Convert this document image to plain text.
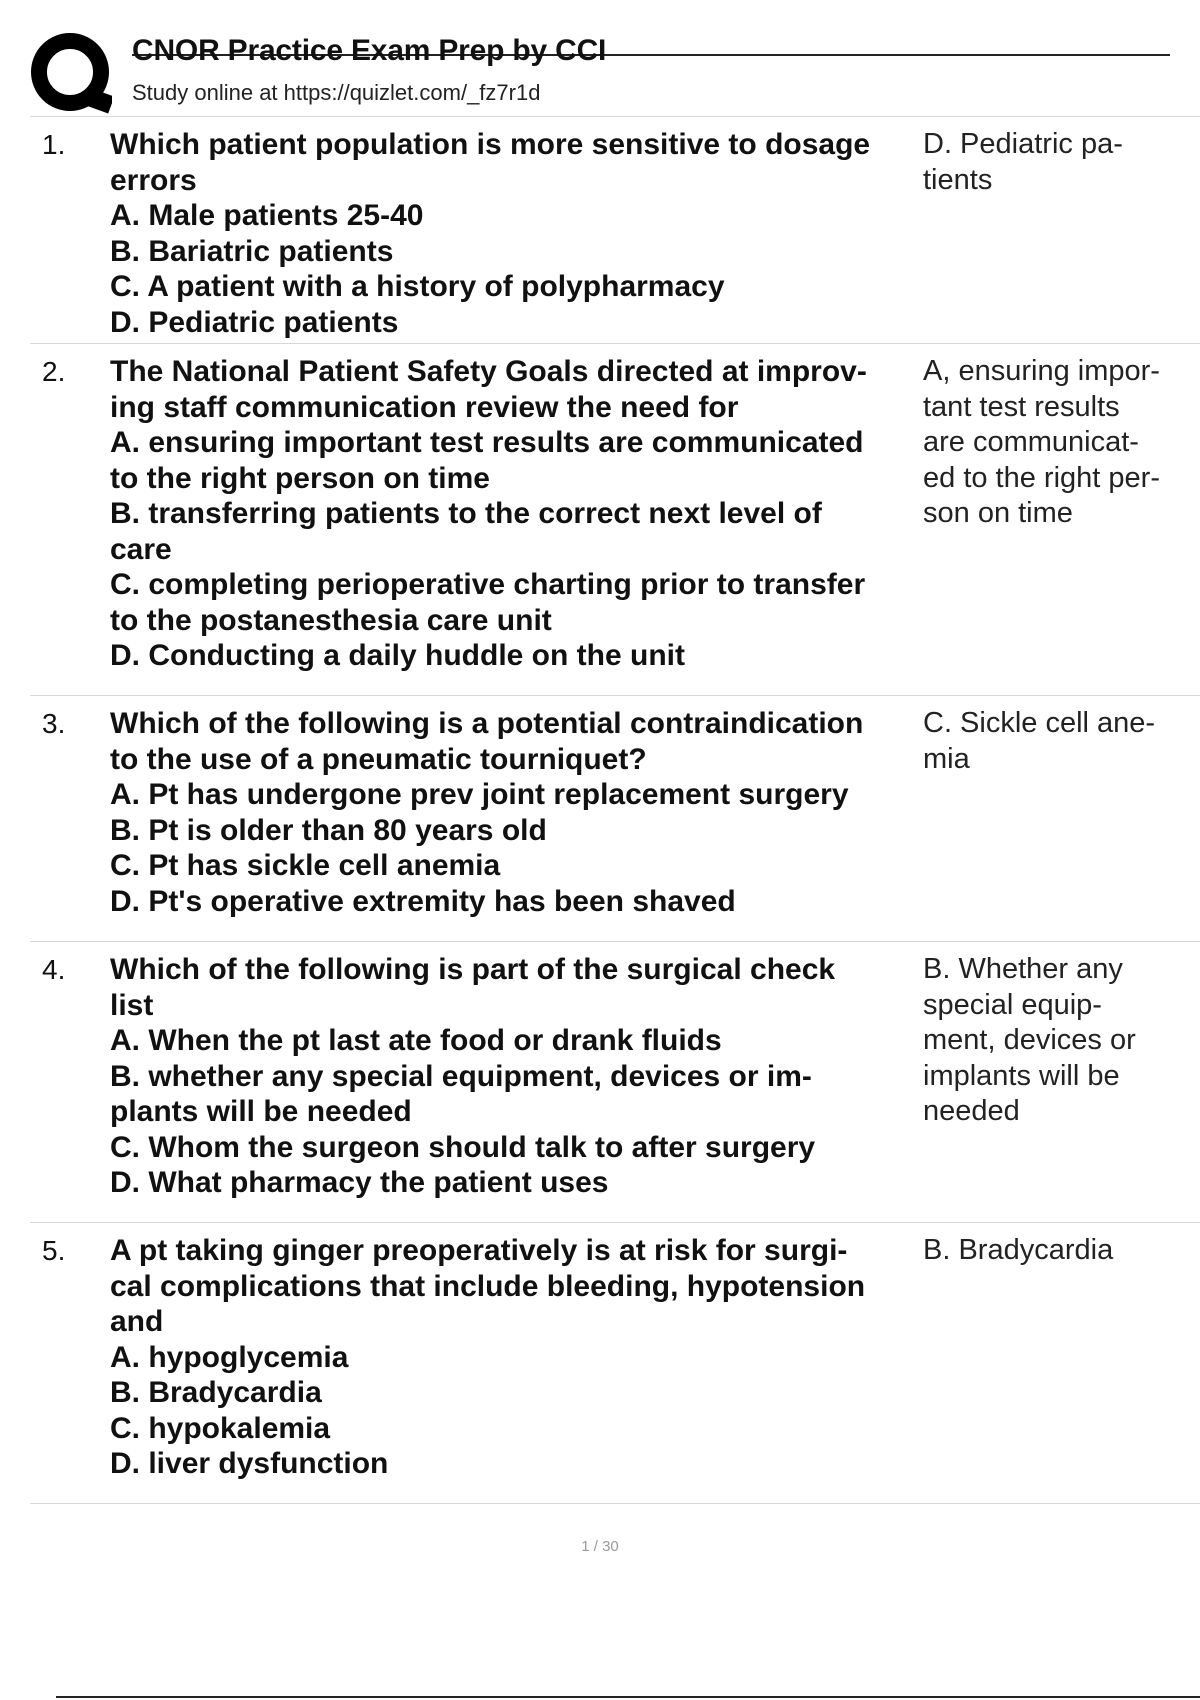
CNOR Practice Exam Prep by CCI
Study online at https://quizlet.com/_fz7r1d
1. Which patient population is more sensitive to dosage
errors
A. Male patients 25-40
B. Bariatric patients
C. A patient with a history of polypharmacy
D. Pediatric patients
D. Pediatric pa-
tients
2. The National Patient Safety Goals directed at improv-
ing staff communication review the need for
A. ensuring important test results are communicated
to the right person on time
B. transferring patients to the correct next level of
care
C. completing perioperative charting prior to transfer
to the postanesthesia care unit
D. Conducting a daily huddle on the unit
A, ensuring impor-
tant test results
are communicat-
ed to the right per-
son on time
3. Which of the following is a potential contraindication
to the use of a pneumatic tourniquet?
A. Pt has undergone prev joint replacement surgery
B. Pt is older than 80 years old
C. Pt has sickle cell anemia
D. Pt's operative extremity has been shaved
C. Sickle cell ane-
mia
4. Which of the following is part of the surgical check
list
A. When the pt last ate food or drank fluids
B. whether any special equipment, devices or im-
plants will be needed
C. Whom the surgeon should talk to after surgery
D. What pharmacy the patient uses
B. Whether any
special equip-
ment, devices or
implants will be
needed
5. A pt taking ginger preoperatively is at risk for surgi-
cal complications that include bleeding, hypotension
and
A. hypoglycemia
B. Bradycardia
C. hypokalemia
D. liver dysfunction
B. Bradycardia
1 / 30
